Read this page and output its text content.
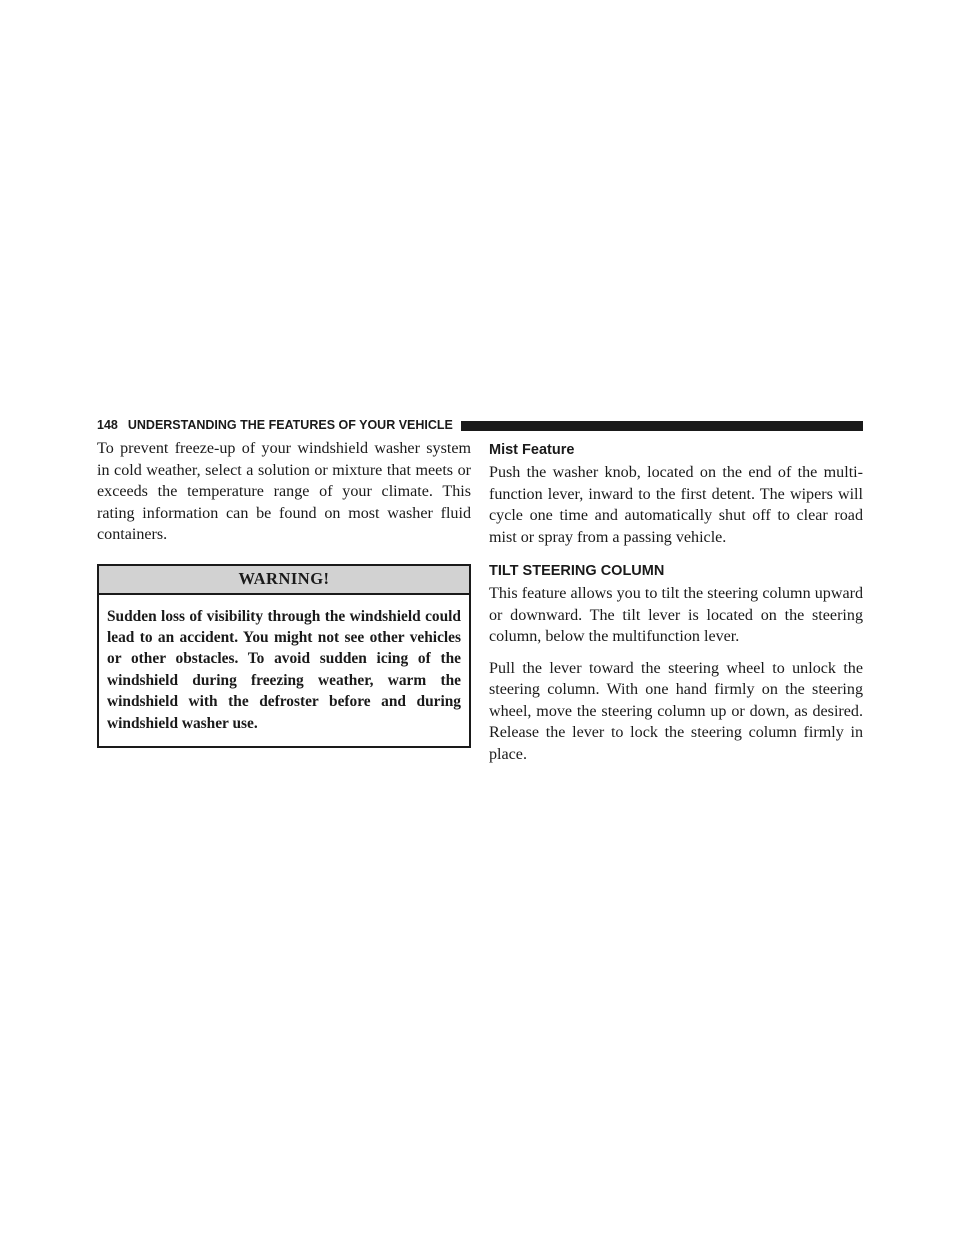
148 UNDERSTANDING THE FEATURES OF YOUR VEHICLE

To prevent freeze-up of your windshield washer system in cold weather, select a solution or mixture that meets or exceeds the temperature range of your climate. This rating information can be found on most washer fluid containers.

WARNING!
Sudden loss of visibility through the windshield could lead to an accident. You might not see other vehicles or other obstacles. To avoid sudden icing of the windshield during freezing weather, warm the windshield with the defroster before and during windshield washer use.
Mist Feature

Push the washer knob, located on the end of the multi-function lever, inward to the first detent. The wipers will cycle one time and automatically shut off to clear road mist or spray from a passing vehicle.

TILT STEERING COLUMN

This feature allows you to tilt the steering column upward or downward. The tilt lever is located on the steering column, below the multifunction lever.

Pull the lever toward the steering wheel to unlock the steering column. With one hand firmly on the steering wheel, move the steering column up or down, as desired. Release the lever to lock the steering column firmly in place.
